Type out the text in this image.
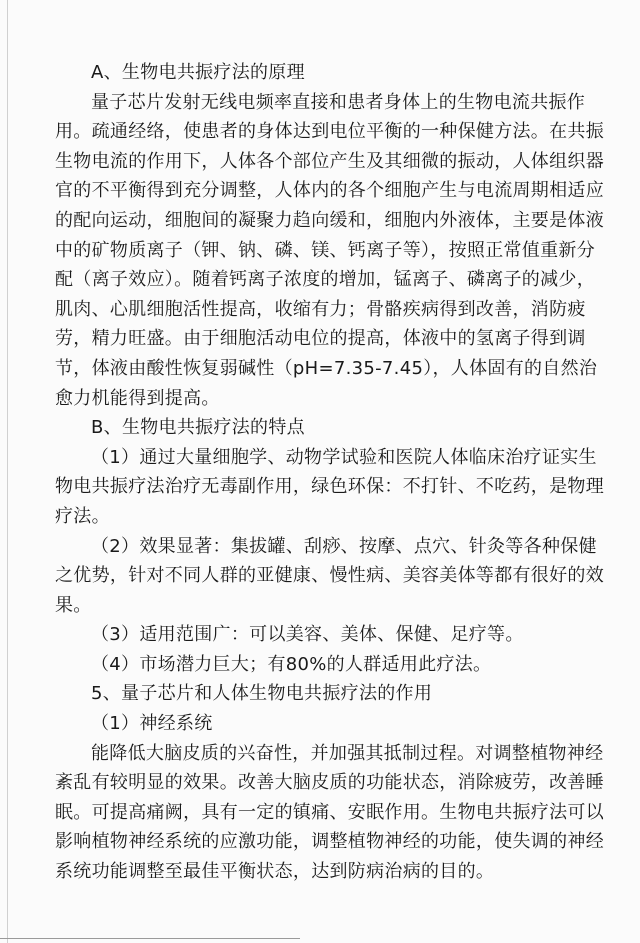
A、生物电共振疗法的原理
量子芯片发射无线电频率直接和患者身体上的生物电流共振作
用。疏通经络，使患者的身体达到电位平衡的一种保健方法。在共振
生物电流的作用下，人体各个部位产生及其细微的振动，人体组织器
官的不平衡得到充分调整，人体内的各个细胞产生与电流周期相适应
的配向运动，细胞间的凝聚力趋向缓和，细胞内外液体，主要是体液
中的矿物质离子（钾、钠、磷、镁、钙离子等），按照正常值重新分
配（离子效应）。随着钙离子浓度的增加，锰离子、磷离子的减少，
肌肉、心肌细胞活性提高，收缩有力；骨骼疾病得到改善，消防疲
劳，精力旺盛。由于细胞活动电位的提高，体液中的氢离子得到调
节，体液由酸性恢复弱碱性（pH=7.35-7.45），人体固有的自然治
愈力机能得到提高。
B、生物电共振疗法的特点
（1）通过大量细胞学、动物学试验和医院人体临床治疗证实生
物电共振疗法治疗无毒副作用，绿色环保：不打针、不吃药，是物理
疗法。
（2）效果显著：集拔罐、刮痧、按摩、点穴、针灸等各种保健
之优势，针对不同人群的亚健康、慢性病、美容美体等都有很好的效
果。
（3）适用范围广：可以美容、美体、保健、足疗等。
（4）市场潜力巨大；有80%的人群适用此疗法。
5、量子芯片和人体生物电共振疗法的作用
（1）神经系统
能降低大脑皮质的兴奋性，并加强其抵制过程。对调整植物神经
紊乱有较明显的效果。改善大脑皮质的功能状态，消除疲劳，改善睡
眠。可提高痛阙，具有一定的镇痛、安眠作用。生物电共振疗法可以
影响植物神经系统的应激功能，调整植物神经的功能，使失调的神经
系统功能调整至最佳平衡状态，达到防病治病的目的。
